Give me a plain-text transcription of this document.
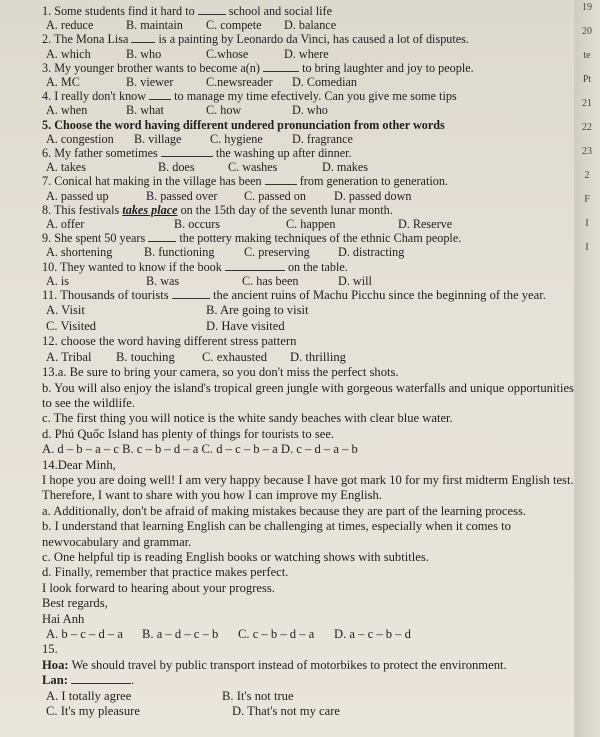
19
20
te
Pt
21
22
23
2
F
I
I
1. Some students find it hard to	school and social life
A. reduce	B. maintain	C. compete	D. balance
2. The Mona Lisa is a painting by Leonardo da Vinci, has caused a lot of disputes.
A. which	B. who	C.whose	D. where
3. My younger brother wants to become a(n)	to bring laughter and joy to people.
A. MC	B. viewer	C.newsreader	D. Comedian
4. I really don't know to manage my time efectively. Can you give me some tips
A. when	B. what	C. how	D. who
5. Choose the word having different undered pronunciation from other words
A. congestion	B. village	C. hygiene	D. fragrance
6. My father sometimes	the washing up after dinner.
A. takes	B. does	C. washes	D. makes
7. Conical hat making in the village has been	from generation to generation.
A. passed up	B. passed over	C. passed on	D. passed down
8. This festivals takes place on the 15th day of the seventh lunar month.
A. offer	B. occurs	C. happen	D. Reserve
9. She spent 50 years	the pottery making techniques of the ethnic Cham people.
A. shortening	B. functioning	C. preserving	D. distracting
10. They wanted to know if the book	on the table.
A. is	B. was	C. has been	D. will
11. Thousands of tourists	the ancient ruins of Machu Picchu since the beginning of the year.
A. Visit	B. Are going to visit
C. Visited	D. Have visited
12. choose the word having different stress pattern
A. Tribal	B. touching	C. exhausted	D. thrilling
13.a. Be sure to bring your camera, so you don't miss the perfect shots.
b. You will also enjoy the island's tropical green jungle with gorgeous waterfalls and unique opportunities to see the wildlife.
c. The first thing you will notice is the white sandy beaches with clear blue water.
d. Phú Quốc Island has plenty of things for tourists to see.
A. d – b – a – c B. c – b – d – a C. d – c – b – a D. c – d – a – b
14.Dear Minh,
I hope you are doing well! I am very happy because I have got mark 10 for my first midterm English test.
Therefore, I want to share with you how I can improve my English.
a. Additionally, don't be afraid of making mistakes because they are part of the learning process.
b. I understand that learning English can be challenging at times, especially when it comes to newvocabulary and grammar.
c. One helpful tip is reading English books or watching shows with subtitles.
d. Finally, remember that practice makes perfect.
I look forward to hearing about your progress.
Best regards,
Hai Anh
A. b – c – d – a	B. a – d – c – b	C. c – b – d – a	D. a – c – b – d
15.
Hoa: We should travel by public transport instead of motorbikes to protect the environment.
Lan:	.
A. I totally agree	B. It's not true
C. It's my pleasure	D. That's not my care
